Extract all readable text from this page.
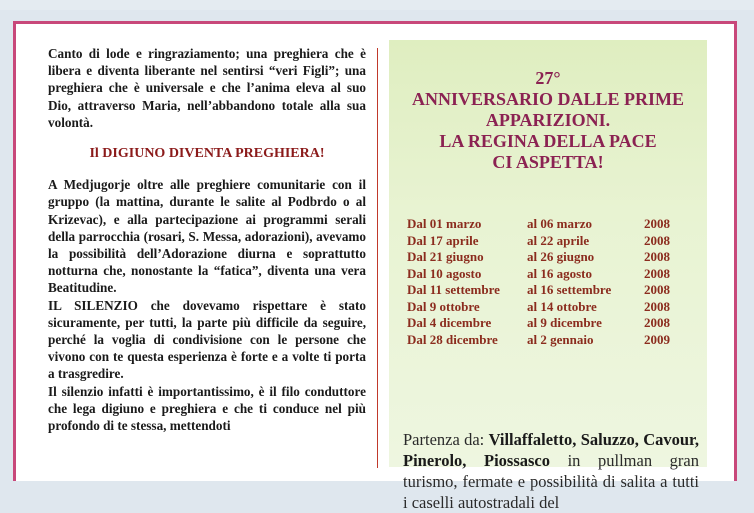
Canto di lode e ringraziamento; una preghiera che è libera e diventa liberante nel sentirsi “veri Figli”; una preghiera che è universale e che l’anima eleva al suo Dio, attraverso Maria, nell’abbandono totale alla sua volontà.

Il DIGIUNO DIVENTA PREGHIERA!

A Medjugorje oltre alle preghiere comunitarie con il gruppo (la mattina, durante le salite al Podbrdo o al Krizevac), e alla partecipazione ai programmi serali della parrocchia (rosari, S. Messa, adorazioni), avevamo la possibilità dell’Adorazione diurna e soprattutto notturna che, nonostante la “fatica”, diventa una vera Beatitudine.

IL SILENZIO che dovevamo rispettare è stato sicuramente, per tutti, la parte più difficile da seguire, perché la voglia di condivisione con le persone che vivono con te questa esperienza è forte e a volte ti porta a trasgredire.

Il silenzio infatti è importantissimo, è il filo conduttore che lega digiuno e preghiera e che ti conduce nel più profondo di te stessa, mettendoti

27°
ANNIVERSARIO DALLE PRIME
APPARIZIONI.
LA REGINA DELLA PACE
CI ASPETTA!
Dal 01 marzo	al 06 marzo	2008
Dal 17 aprile	al 22 aprile	2008
Dal 21 giugno	al 26 giugno	2008
Dal 10 agosto	al 16 agosto	2008
Dal 11 settembre	al 16 settembre	2008
Dal 9 ottobre	al 14 ottobre	2008
Dal 4 dicembre	al 9 dicembre	2008
Dal 28 dicembre	al 2 gennaio	2009

Partenza da: Villaffaletto, Saluzzo, Cavour, Pinerolo, Piossasco in pullman gran turismo, fermate e possibilità di salita a tutti i caselli autostradali del
